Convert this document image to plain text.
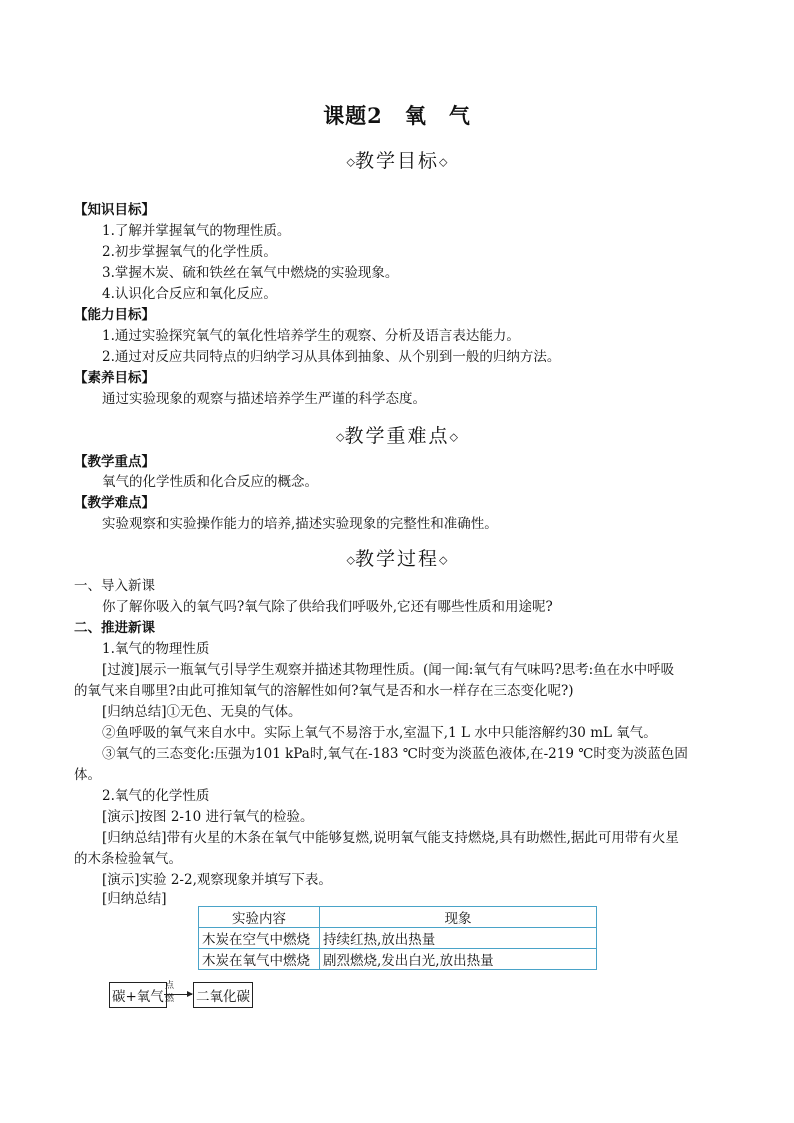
课题2 氧 气
◇教学目标◇
【知识目标】
1.了解并掌握氧气的物理性质。
2.初步掌握氧气的化学性质。
3.掌握木炭、硫和铁丝在氧气中燃烧的实验现象。
4.认识化合反应和氧化反应。
【能力目标】
1.通过实验探究氧气的氧化性培养学生的观察、分析及语言表达能力。
2.通过对反应共同特点的归纳学习从具体到抽象、从个别到一般的归纳方法。
【素养目标】
通过实验现象的观察与描述培养学生严谨的科学态度。
◇教学重难点◇
【教学重点】
氧气的化学性质和化合反应的概念。
【教学难点】
实验观察和实验操作能力的培养,描述实验现象的完整性和准确性。
◇教学过程◇
一、导入新课
你了解你吸入的氧气吗?氧气除了供给我们呼吸外,它还有哪些性质和用途呢?
二、推进新课
1.氧气的物理性质
[过渡]展示一瓶氧气引导学生观察并描述其物理性质。(闻一闻:氧气有气味吗?思考:鱼在水中呼吸
的氧气来自哪里?由此可推知氧气的溶解性如何?氧气是否和水一样存在三态变化呢?)
[归纳总结]①无色、无臭的气体。
②鱼呼吸的氧气来自水中。实际上氧气不易溶于水,室温下,1 L 水中只能溶解约30 mL 氧气。
③氧气的三态变化:压强为101 kPa时,氧气在-183 ℃时变为淡蓝色液体,在-219 ℃时变为淡蓝色固
体。
2.氧气的化学性质
[演示]按图 2-10 进行氧气的检验。
[归纳总结]带有火星的木条在氧气中能够复燃,说明氧气能支持燃烧,具有助燃性,据此可用带有火星
的木条检验氧气。
[演示]实验 2-2,观察现象并填写下表。
[归纳总结]
实验内容	现象
木炭在空气中燃烧	持续红热,放出热量
木炭在氧气中燃烧	剧烈燃烧,发出白光,放出热量
碳+氧气
点燃 二氧化碳
